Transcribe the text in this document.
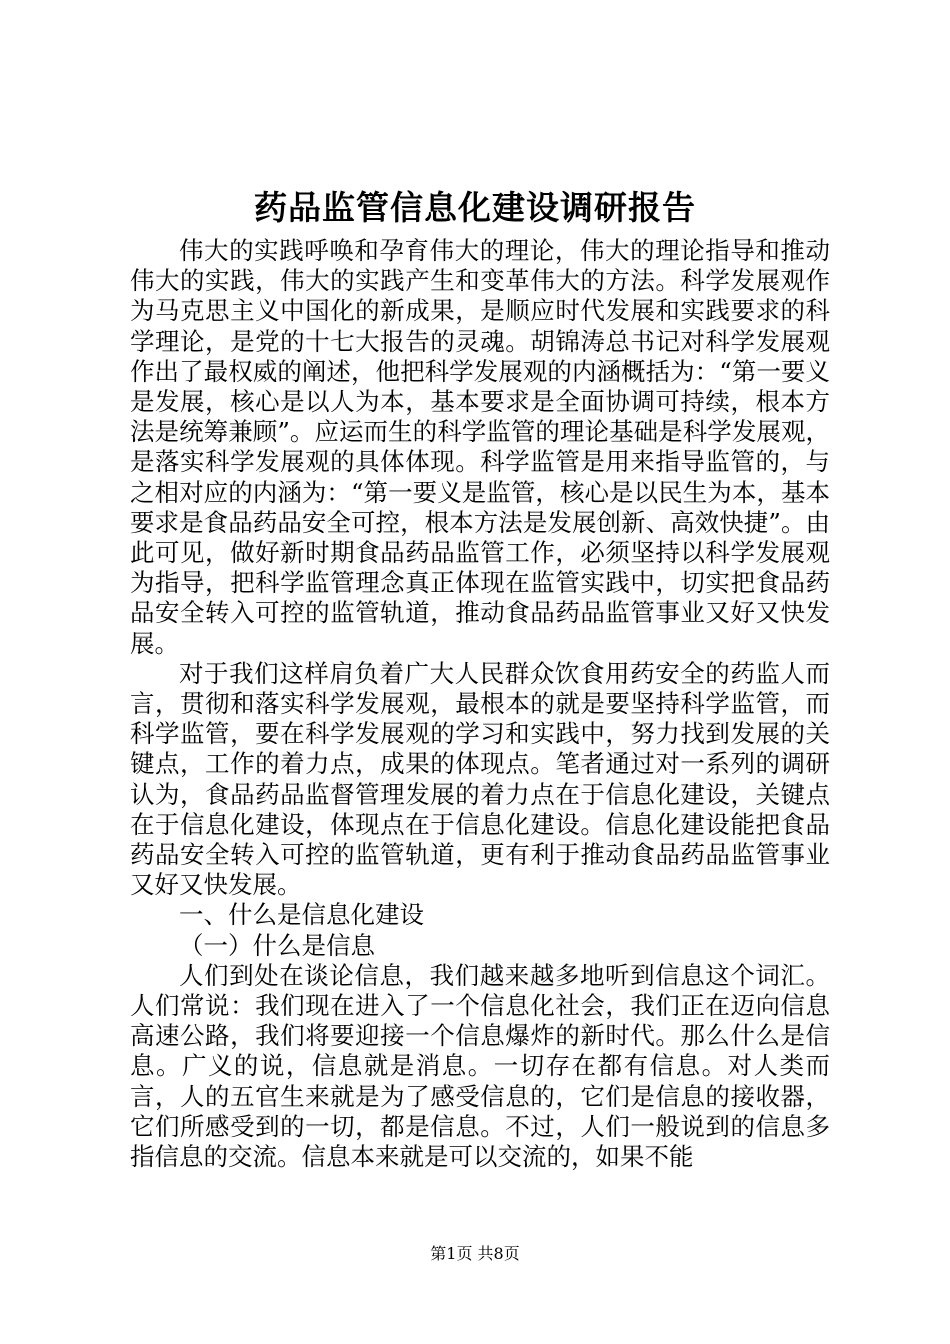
药品监管信息化建设调研报告

伟大的实践呼唤和孕育伟大的理论，伟大的理论指导和推动伟大的实践，伟大的实践产生和变革伟大的方法。科学发展观作为马克思主义中国化的新成果，是顺应时代发展和实践要求的科学理论，是党的十七大报告的灵魂。胡锦涛总书记对科学发展观作出了最权威的阐述，他把科学发展观的内涵概括为：“第一要义是发展，核心是以人为本，基本要求是全面协调可持续，根本方法是统筹兼顾”。应运而生的科学监管的理论基础是科学发展观，是落实科学发展观的具体体现。科学监管是用来指导监管的，与之相对应的内涵为：“第一要义是监管，核心是以民生为本，基本要求是食品药品安全可控，根本方法是发展创新、高效快捷”。由此可见，做好新时期食品药品监管工作，必须坚持以科学发展观为指导，把科学监管理念真正体现在监管实践中，切实把食品药品安全转入可控的监管轨道，推动食品药品监管事业又好又快发展。

对于我们这样肩负着广大人民群众饮食用药安全的药监人而言，贯彻和落实科学发展观，最根本的就是要坚持科学监管，而科学监管，要在科学发展观的学习和实践中，努力找到发展的关键点，工作的着力点，成果的体现点。笔者通过对一系列的调研认为，食品药品监督管理发展的着力点在于信息化建设，关键点在于信息化建设，体现点在于信息化建设。信息化建设能把食品药品安全转入可控的监管轨道，更有利于推动食品药品监管事业又好又快发展。

一、什么是信息化建设

（一）什么是信息

人们到处在谈论信息，我们越来越多地听到信息这个词汇。人们常说：我们现在进入了一个信息化社会，我们正在迈向信息高速公路，我们将要迎接一个信息爆炸的新时代。那么什么是信息。广义的说，信息就是消息。一切存在都有信息。对人类而言，人的五官生来就是为了感受信息的，它们是信息的接收器，它们所感受到的一切，都是信息。不过，人们一般说到的信息多指信息的交流。信息本来就是可以交流的，如果不能

第1页 共8页
